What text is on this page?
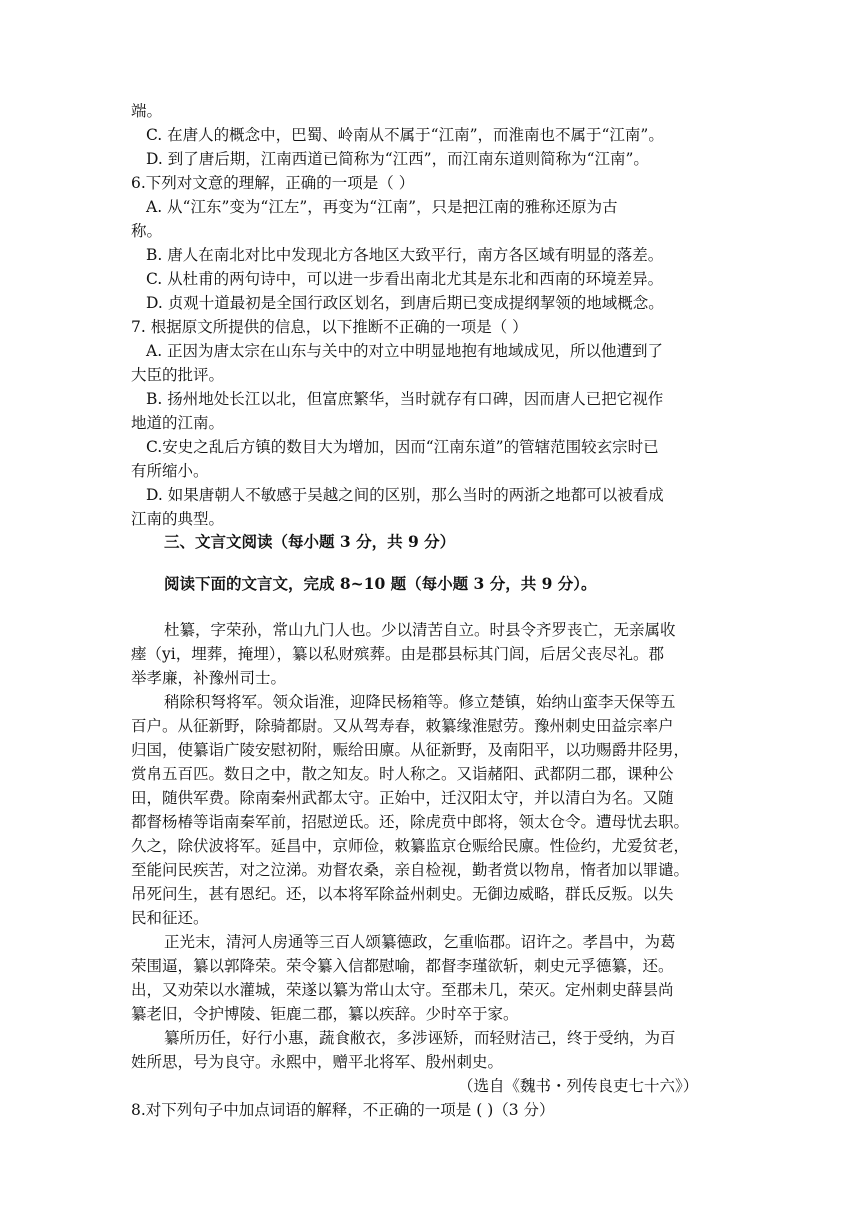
端。
C. 在唐人的概念中，巴蜀、岭南从不属于“江南”，而淮南也不属于“江南”。
D. 到了唐后期，江南西道已简称为“江西”，而江南东道则简称为“江南”。
6.下列对文意的理解，正确的一项是（ ）
A. 从“江东”变为“江左”，再变为“江南”，只是把江南的雅称还原为古
称。
B. 唐人在南北对比中发现北方各地区大致平行，南方各区域有明显的落差。
C. 从杜甫的两句诗中，可以进一步看出南北尤其是东北和西南的环境差异。
D. 贞观十道最初是全国行政区划名，到唐后期已变成提纲挈领的地域概念。
7. 根据原文所提供的信息，以下推断不正确的一项是（ ）
A. 正因为唐太宗在山东与关中的对立中明显地抱有地域成见，所以他遭到了
大臣的批评。
B. 扬州地处长江以北，但富庶繁华，当时就存有口碑，因而唐人已把它视作
地道的江南。
C.安史之乱后方镇的数目大为增加，因而“江南东道”的管辖范围较玄宗时已
有所缩小。
D. 如果唐朝人不敏感于吴越之间的区别，那么当时的两浙之地都可以被看成
江南的典型。
三、文言文阅读（每小题 3 分，共 9 分）
阅读下面的文言文，完成 8~10 题（每小题 3 分，共 9 分）。
杜纂，字荣孙，常山九门人也。少以清苦自立。时县令齐罗丧亡，无亲属收
瘗（yi，埋葬，掩埋），纂以私财殡葬。由是郡县标其门闾，后居父丧尽礼。郡
举孝廉，补豫州司士。
稍除积弩将军。领众诣淮，迎降民杨箱等。修立楚镇，始纳山蛮李天保等五
百户。从征新野，除骑都尉。又从驾寿春，敕纂缘淮慰劳。豫州刺史田益宗率户
归国，使纂诣广陵安慰初附，赈给田廪。从征新野，及南阳平，以功赐爵井陉男，
赏帛五百匹。数日之中，散之知友。时人称之。又诣赭阳、武都阴二郡，课种公
田，随供军费。除南秦州武都太守。正始中，迁汉阳太守，并以清白为名。又随
都督杨椿等诣南秦军前，招慰逆氐。还，除虎贲中郎将，领太仓令。遭母忧去职。
久之，除伏波将军。延昌中，京师俭，敕纂监京仓赈给民廪。性俭约，尤爱贫老，
至能问民疾苦，对之泣涕。劝督农桑，亲自检视，勤者赏以物帛，惰者加以罪谴。
吊死问生，甚有恩纪。还，以本将军除益州刺史。无御边威略，群氐反叛。以失
民和征还。
正光末，清河人房通等三百人颂纂德政，乞重临郡。诏许之。孝昌中，为葛
荣围逼，纂以郭降荣。荣令纂入信都慰喻，都督李瑾欲斩，刺史元孚德纂，还。
出，又劝荣以水灌城，荣遂以纂为常山太守。至郡未几，荣灭。定州刺史薛昙尚
纂老旧，令护博陵、钜鹿二郡，纂以疾辞。少时卒于家。
纂所历任，好行小惠，蔬食敝衣，多涉诬矫，而轻财洁己，终于受纳，为百
姓所思，号为良守。永熙中，赠平北将军、殷州刺史。
（选自《魏书・列传良吏七十六》）
8.对下列句子中加点词语的解释，不正确的一项是 ( )（3 分）
